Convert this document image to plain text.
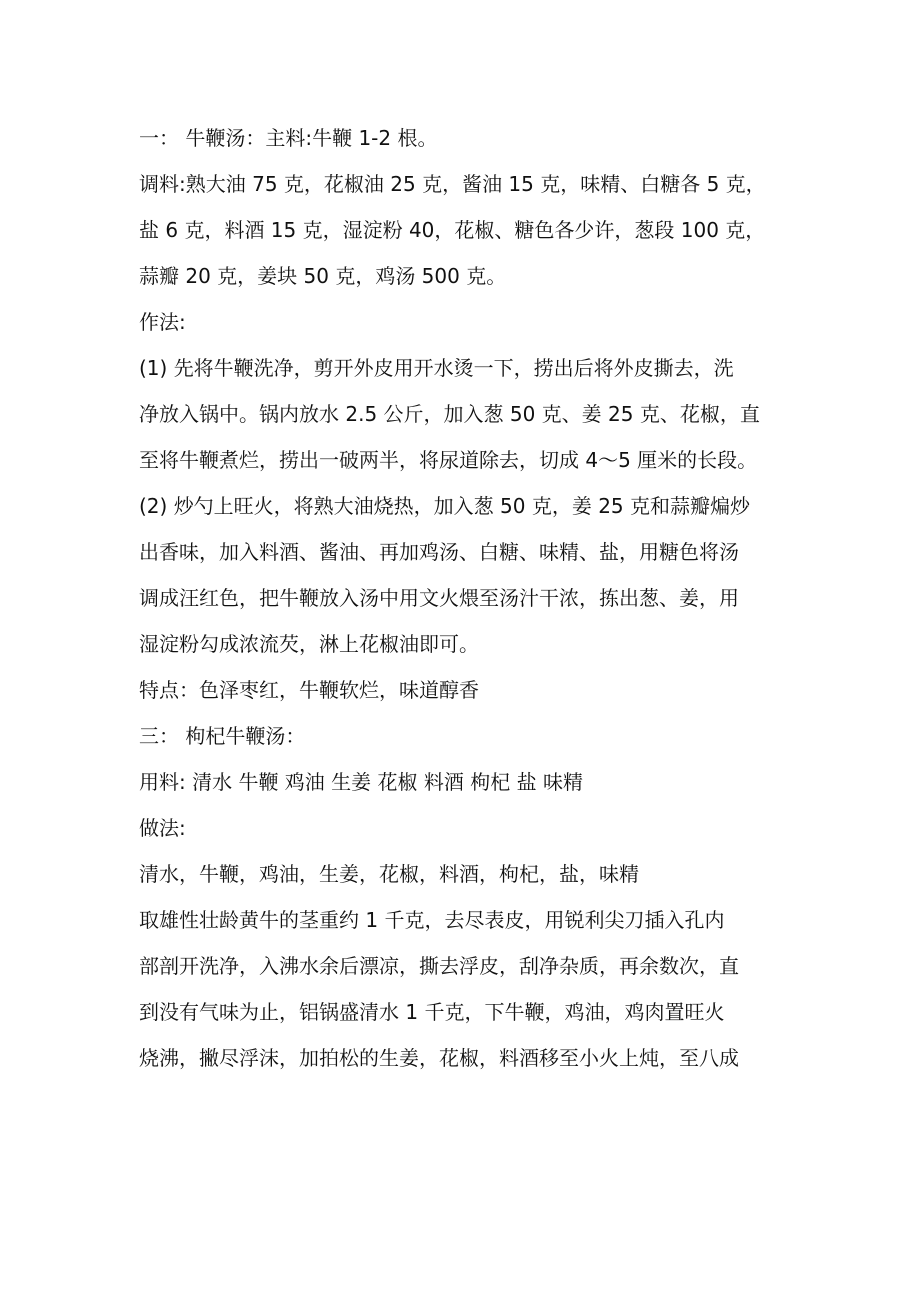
一： 牛鞭汤：主料:牛鞭 1-2 根。
调料:熟大油 75 克，花椒油 25 克，酱油 15 克，味精、白糖各 5 克，
盐 6 克，料酒 15 克，湿淀粉 40，花椒、糖色各少许，葱段 100 克，
蒜瓣 20 克，姜块 50 克，鸡汤 500 克。
作法:
(1) 先将牛鞭洗净，剪开外皮用开水烫一下，捞出后将外皮撕去，洗
净放入锅中。锅内放水 2.5 公斤，加入葱 50 克、姜 25 克、花椒，直
至将牛鞭煮烂，捞出一破两半，将尿道除去，切成 4～5 厘米的长段。
(2) 炒勺上旺火，将熟大油烧热，加入葱 50 克，姜 25 克和蒜瓣煸炒
出香味，加入料酒、酱油、再加鸡汤、白糖、味精、盐，用糖色将汤
调成汪红色，把牛鞭放入汤中用文火煨至汤汁干浓，拣出葱、姜，用
湿淀粉勾成浓流芡，淋上花椒油即可。
特点：色泽枣红，牛鞭软烂，味道醇香
三： 枸杞牛鞭汤：
用料: 清水 牛鞭 鸡油 生姜 花椒 料酒 枸杞 盐 味精
做法:
清水，牛鞭，鸡油，生姜，花椒，料酒，枸杞，盐，味精
取雄性壮龄黄牛的茎重约 1 千克，去尽表皮，用锐利尖刀插入孔内
部剖开洗净，入沸水余后漂凉，撕去浮皮，刮净杂质，再余数次，直
到没有气味为止，铝锅盛清水 1 千克，下牛鞭，鸡油，鸡肉置旺火
烧沸，撇尽浮沫，加拍松的生姜，花椒，料酒移至小火上炖，至八成
